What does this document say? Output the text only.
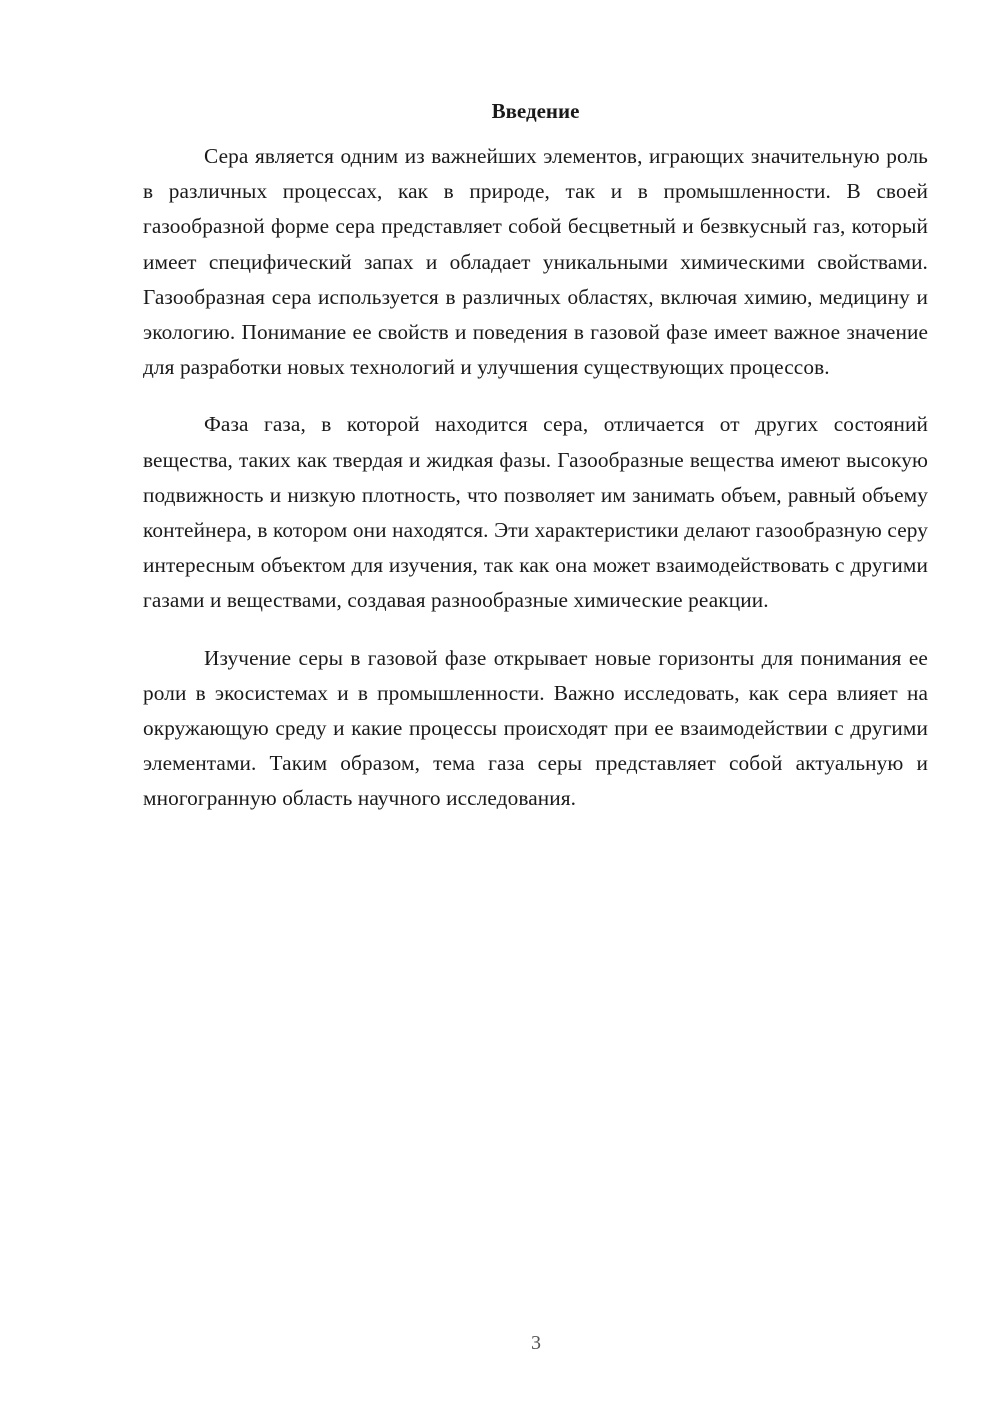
Введение

Сера является одним из важнейших элементов, играющих значительную роль в различных процессах, как в природе, так и в промышленности. В своей газообразной форме сера представляет собой бесцветный и безвкусный газ, который имеет специфический запах и обладает уникальными химическими свойствами. Газообразная сера используется в различных областях, включая химию, медицину и экологию. Понимание ее свойств и поведения в газовой фазе имеет важное значение для разработки новых технологий и улучшения существующих процессов.

Фаза газа, в которой находится сера, отличается от других состояний вещества, таких как твердая и жидкая фазы. Газообразные вещества имеют высокую подвижность и низкую плотность, что позволяет им занимать объем, равный объему контейнера, в котором они находятся. Эти характеристики делают газообразную серу интересным объектом для изучения, так как она может взаимодействовать с другими газами и веществами, создавая разнообразные химические реакции.

Изучение серы в газовой фазе открывает новые горизонты для понимания ее роли в экосистемах и в промышленности. Важно исследовать, как сера влияет на окружающую среду и какие процессы происходят при ее взаимодействии с другими элементами. Таким образом, тема газа серы представляет собой актуальную и многогранную область научного исследования.

3
